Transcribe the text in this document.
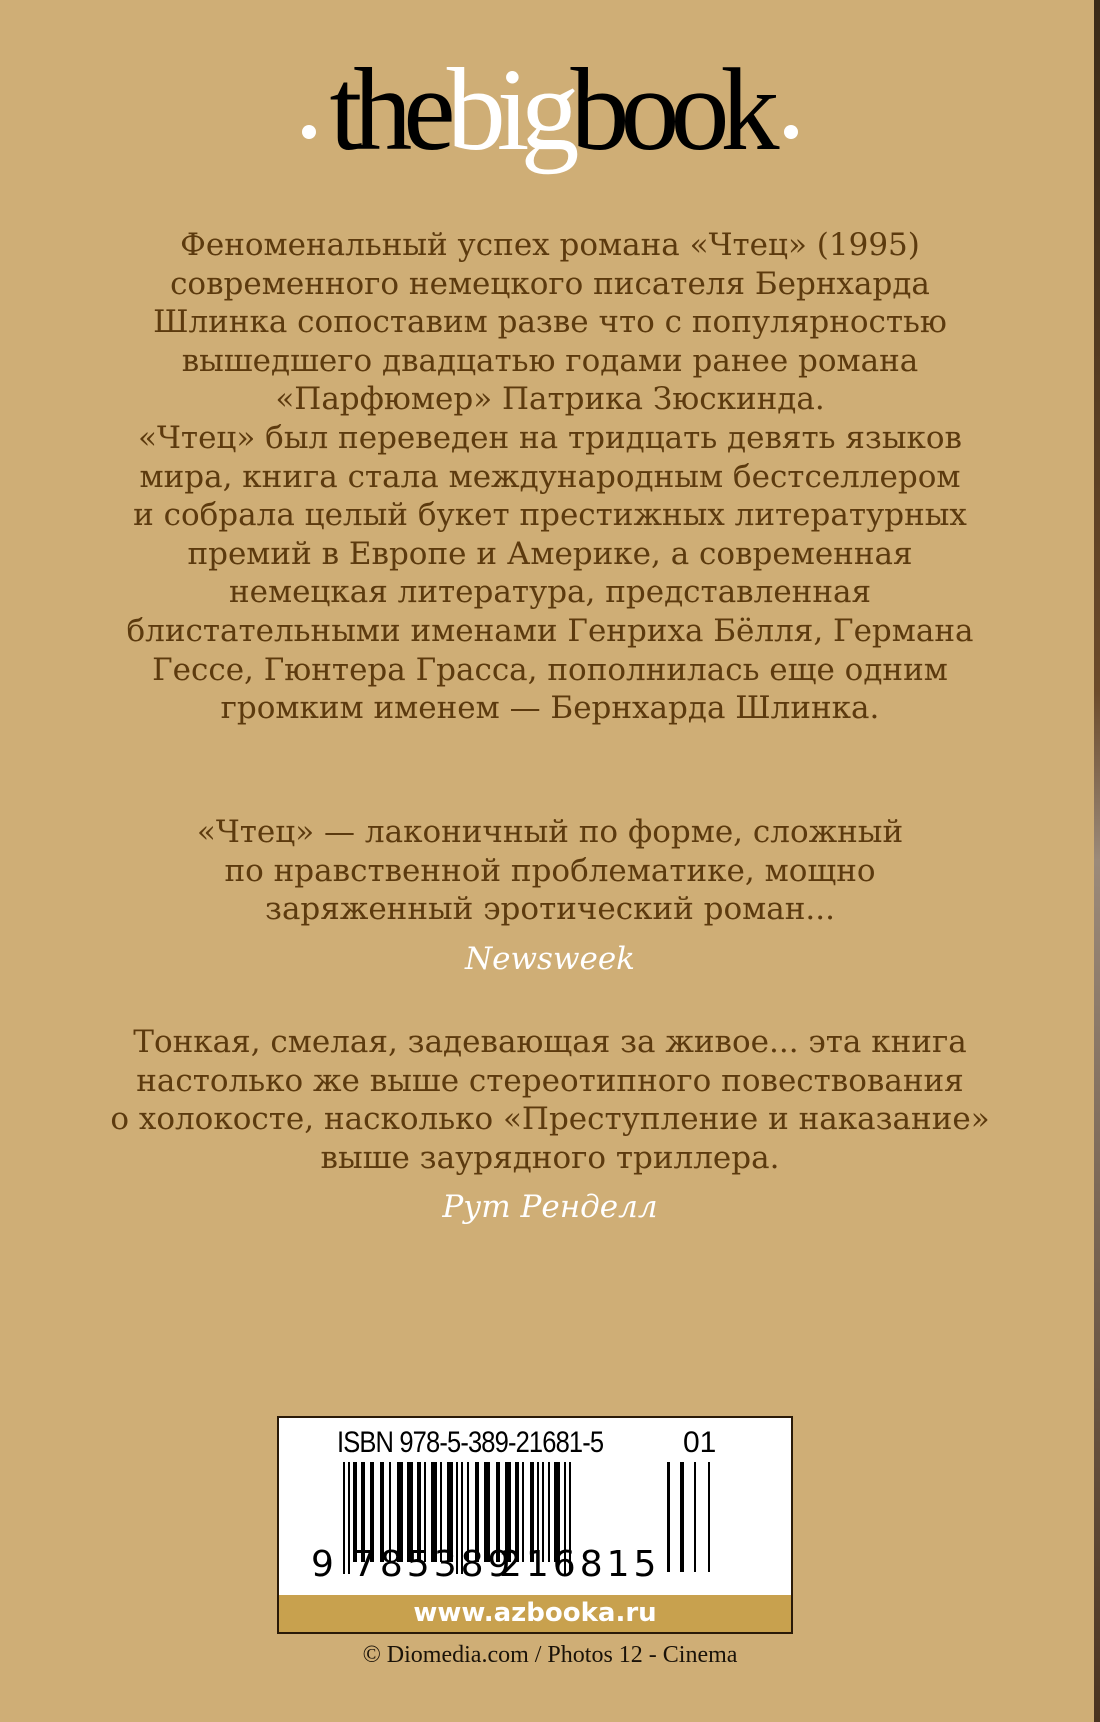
thebigbook
Феноменальный успех романа «Чтец» (1995)
современного немецкого писателя Бернхарда
Шлинка сопоставим разве что с популярностью
вышедшего двадцатью годами ранее романа
«Парфюмер» Патрика Зюскинда.
«Чтец» был переведен на тридцать девять языков
мира, книга стала международным бестселлером
и собрала целый букет престижных литературных
премий в Европе и Америке, а современная
немецкая литература, представленная
блистательными именами Генриха Бёлля, Германа
Гессе, Гюнтера Грасса, пополнилась еще одним
громким именем — Бернхарда Шлинка.
«Чтец» — лаконичный по форме, сложный
по нравственной проблематике, мощно
заряженный эротический роман...
Newsweek
Тонкая, смелая, задевающая за живое... эта книга
настолько же выше стереотипного повествования
о холокосте, насколько «Преступление и наказание»
выше заурядного триллера.
Рут Ренделл
ISBN 978-5-389-21681-5	01
9 785389
216815
www.azbooka.ru
© Diomedia.com / Photos 12 - Cinema
